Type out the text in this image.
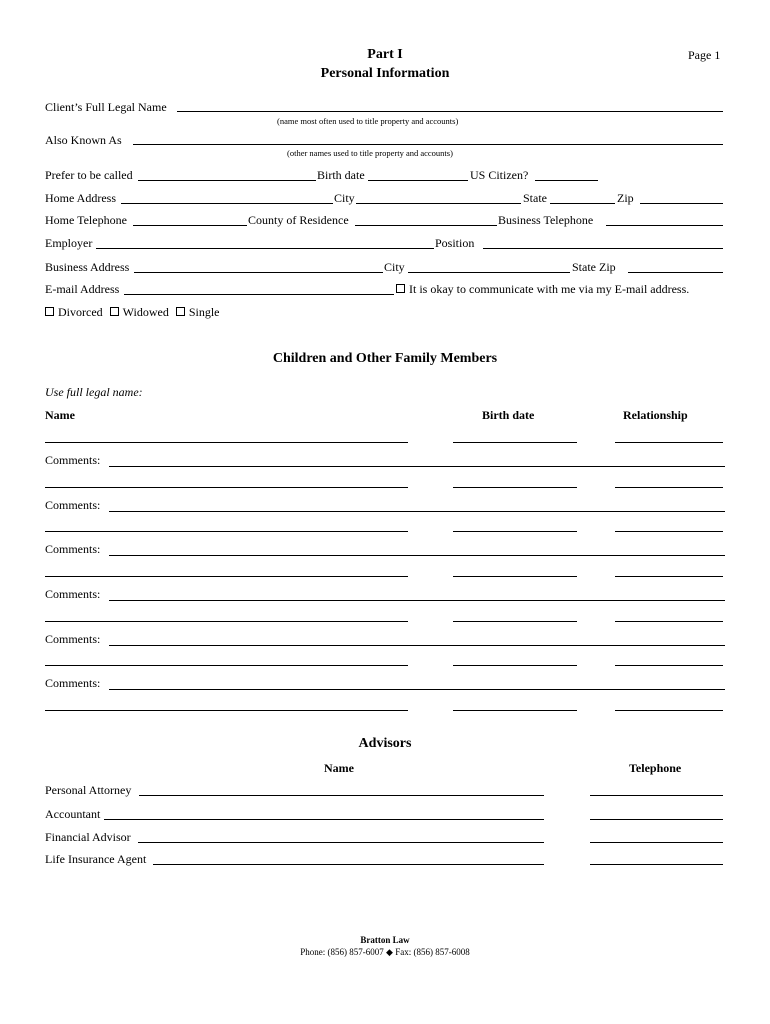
Part I
Personal Information
Page 1
Client’s Full Legal Name
(name most often used to title property and accounts)
Also Known As
(other names used to title property and accounts)
Prefer to be called	Birth date	US Citizen?
Home Address	City	State	Zip
Home Telephone	County of Residence	Business Telephone
Employer	Position
Business Address	City	State Zip
E-mail Address	It is okay to communicate with me via my E-mail address.
Divorced Widowed Single
Children and Other Family Members
Use full legal name:
Name	Birth date	Relationship
Comments:
Comments:
Comments:
Comments:
Comments:
Comments:
Advisors
Name	Telephone
Personal Attorney
Accountant
Financial Advisor
Life Insurance Agent
Bratton Law
Phone: (856) 857-6007 ◆ Fax: (856) 857-6008
